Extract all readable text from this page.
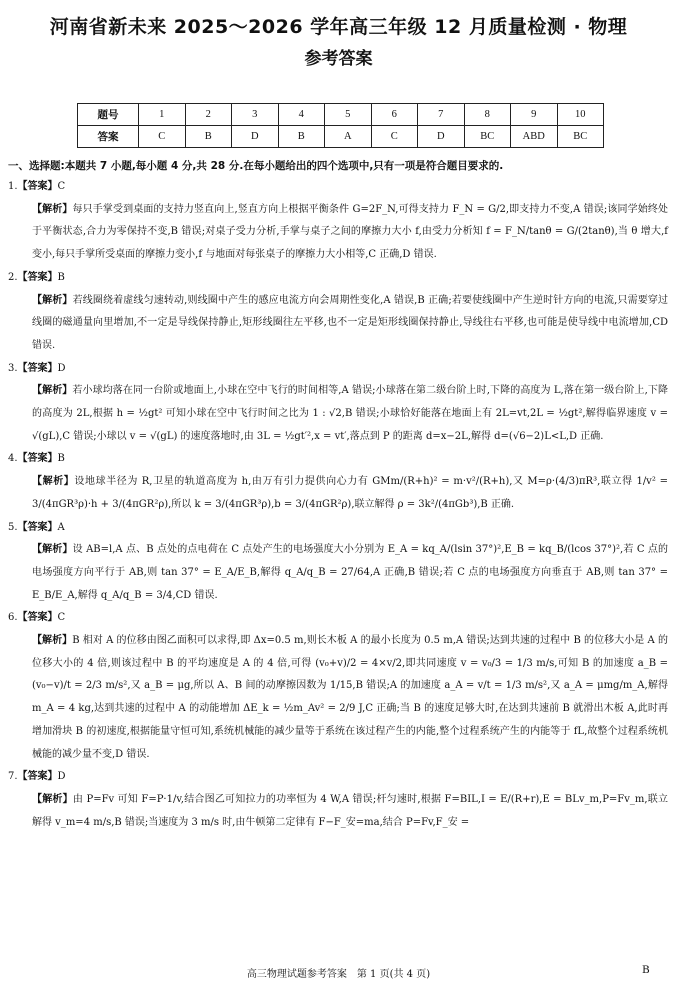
河南省新未来 2025～2026 学年高三年级 12 月质量检测 · 物理
参考答案
题号	1	2	3	4	5	6	7	8	9	10
答案	C	B	D	B	A	C	D	BC	ABD	BC
一、选择题:本题共 7 小题,每小题 4 分,共 28 分.在每小题给出的四个选项中,只有一项是符合题目要求的.
1.【答案】C
【解析】每只手掌受到桌面的支持力竖直向上,竖直方向上根据平衡条件 G=2F_N,可得支持力 F_N = G/2,即支持力不变,A 错误;该同学始终处于平衡状态,合力为零保持不变,B 错误;对桌子受力分析,手掌与桌子之间的摩擦力大小 f,由受力分析知 f = F_N/tanθ = G/(2tanθ),当 θ 增大,f 变小,每只手掌所受桌面的摩擦力变小,f 与地面对每张桌子的摩擦力大小相等,C 正确,D 错误.
2.【答案】B
【解析】若线圈绕着虚线匀速转动,则线圈中产生的感应电流方向会周期性变化,A 错误,B 正确;若要使线圈中产生逆时针方向的电流,只需要穿过线圈的磁通量向里增加,不一定是导线保持静止,矩形线圈往左平移,也不一定是矩形线圈保持静止,导线往右平移,也可能是使导线中电流增加,CD 错误.
3.【答案】D
【解析】若小球均落在同一台阶或地面上,小球在空中飞行的时间相等,A 错误;小球落在第二级台阶上时,下降的高度为 L,落在第一级台阶上,下降的高度为 2L,根据 h = ½gt² 可知小球在空中飞行时间之比为 1 : √2,B 错误;小球恰好能落在地面上有 2L=vt,2L = ½gt²,解得临界速度 v = √(gL),C 错误;小球以 v = √(gL) 的速度落地时,由 3L = ½gt′²,x = vt′,落点到 P 的距离 d=x−2L,解得 d=(√6−2)L<L,D 正确.
4.【答案】B
【解析】设地球半径为 R,卫星的轨道高度为 h,由万有引力提供向心力有 GMm/(R+h)² = m·v²/(R+h),又 M=ρ·(4/3)πR³,联立得 1/v² = 3/(4πGR³ρ)·h + 3/(4πGR²ρ),所以 k = 3/(4πGR³ρ),b = 3/(4πGR²ρ),联立解得 ρ = 3k²/(4πGb³),B 正确.
5.【答案】A
【解析】设 AB=l,A 点、B 点处的点电荷在 C 点处产生的电场强度大小分别为 E_A = kq_A/(lsin 37°)²,E_B = kq_B/(lcos 37°)²,若 C 点的电场强度方向平行于 AB,则 tan 37° = E_A/E_B,解得 q_A/q_B = 27/64,A 正确,B 错误;若 C 点的电场强度方向垂直于 AB,则 tan 37° = E_B/E_A,解得 q_A/q_B = 3/4,CD 错误.
6.【答案】C
【解析】B 相对 A 的位移由图乙面积可以求得,即 Δx=0.5 m,则长木板 A 的最小长度为 0.5 m,A 错误;达到共速的过程中 B 的位移大小是 A 的位移大小的 4 倍,则该过程中 B 的平均速度是 A 的 4 倍,可得 (v₀+v)/2 = 4×v/2,即共同速度 v = v₀/3 = 1/3 m/s,可知 B 的加速度 a_B = (v₀−v)/t = 2/3 m/s²,又 a_B = μg,所以 A、B 间的动摩擦因数为 1/15,B 错误;A 的加速度 a_A = v/t = 1/3 m/s²,又 a_A = μmg/m_A,解得 m_A = 4 kg,达到共速的过程中 A 的动能增加 ΔE_k = ½m_Av² = 2/9 J,C 正确;当 B 的速度足够大时,在达到共速前 B 就滑出木板 A,此时再增加滑块 B 的初速度,根据能量守恒可知,系统机械能的减少量等于系统在该过程产生的内能,整个过程系统产生的内能等于 fL,故整个过程系统机械能的减少量不变,D 错误.
7.【答案】D
【解析】由 P=Fv 可知 F=P·1/v,结合图乙可知拉力的功率恒为 4 W,A 错误;杆匀速时,根据 F=BIL,I = E/(R+r),E = BLv_m,P=Fv_m,联立解得 v_m=4 m/s,B 错误;当速度为 3 m/s 时,由牛顿第二定律有 F−F_安=ma,结合 P=Fv,F_安 =
高三物理试题参考答案　第 1 页(共 4 页)	B
